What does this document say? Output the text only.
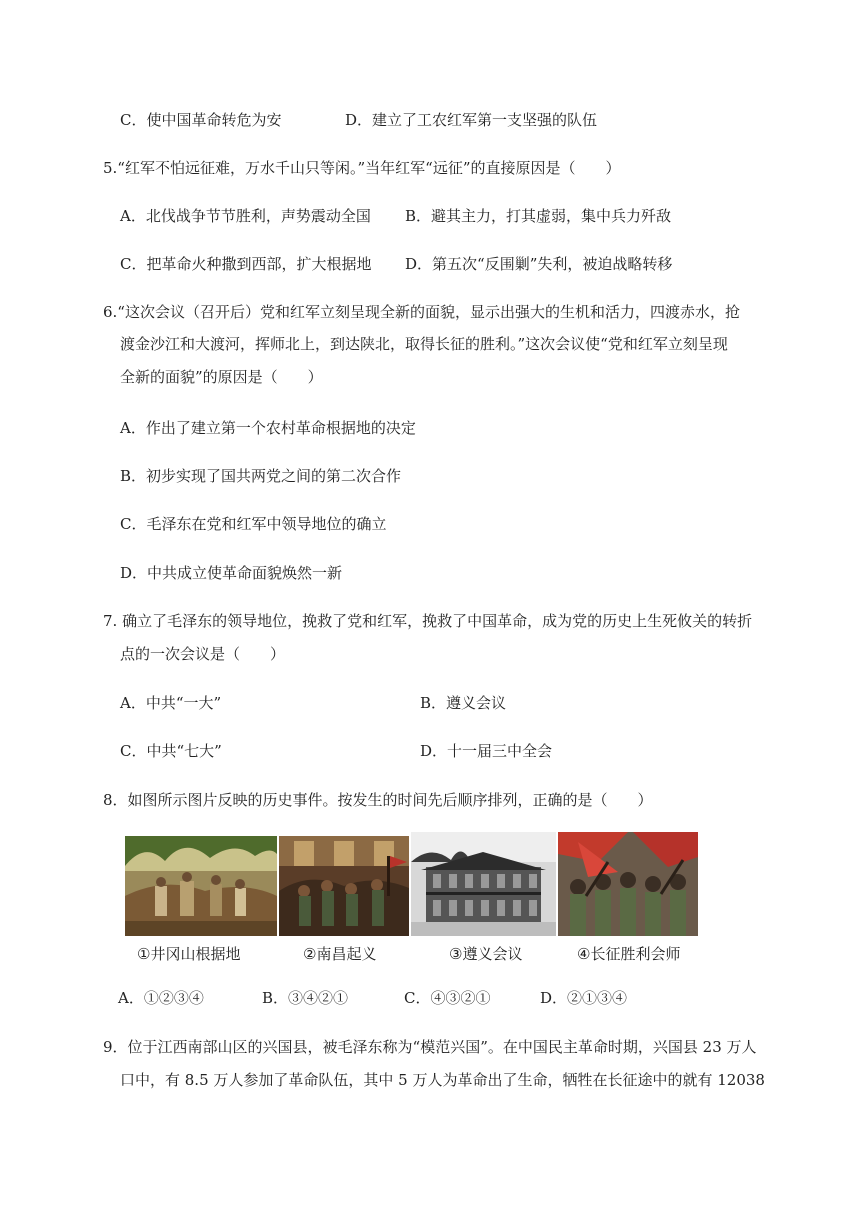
C．使中国革命转危为安	D．建立了工农红军第一支坚强的队伍
5.“红军不怕远征难，万水千山只等闲。”当年红军“远征”的直接原因是（　　）
A．北伐战争节节胜利，声势震动全国 B．避其主力，打其虚弱，集中兵力歼敌
C．把革命火种撒到西部，扩大根据地 D．第五次“反围剿”失利，被迫战略转移
6.“这次会议（召开后）党和红军立刻呈现全新的面貌，显示出强大的生机和活力，四渡赤水，抢
渡金沙江和大渡河，挥师北上，到达陕北，取得长征的胜利。”这次会议使“党和红军立刻呈现
全新的面貌”的原因是（　　）
A．作出了建立第一个农村革命根据地的决定
B．初步实现了国共两党之间的第二次合作
C．毛泽东在党和红军中领导地位的确立
D．中共成立使革命面貌焕然一新
7. 确立了毛泽东的领导地位，挽救了党和红军，挽救了中国革命，成为党的历史上生死攸关的转折
点的一次会议是（　　）
A．中共“一大”	B．遵义会议
C．中共“七大”	D．十一届三中全会
8．如图所示图片反映的历史事件。按发生的时间先后顺序排列，正确的是（　　）
①井冈山根据地	②南昌起义	③遵义会议	④长征胜利会师
A．①②③④	B．③④②①	C．④③②①	D．②①③④
9．位于江西南部山区的兴国县，被毛泽东称为“模范兴国”。在中国民主革命时期，兴国县 23 万人
口中，有 8.5 万人参加了革命队伍，其中 5 万人为革命出了生命，牺牲在长征途中的就有 12038
